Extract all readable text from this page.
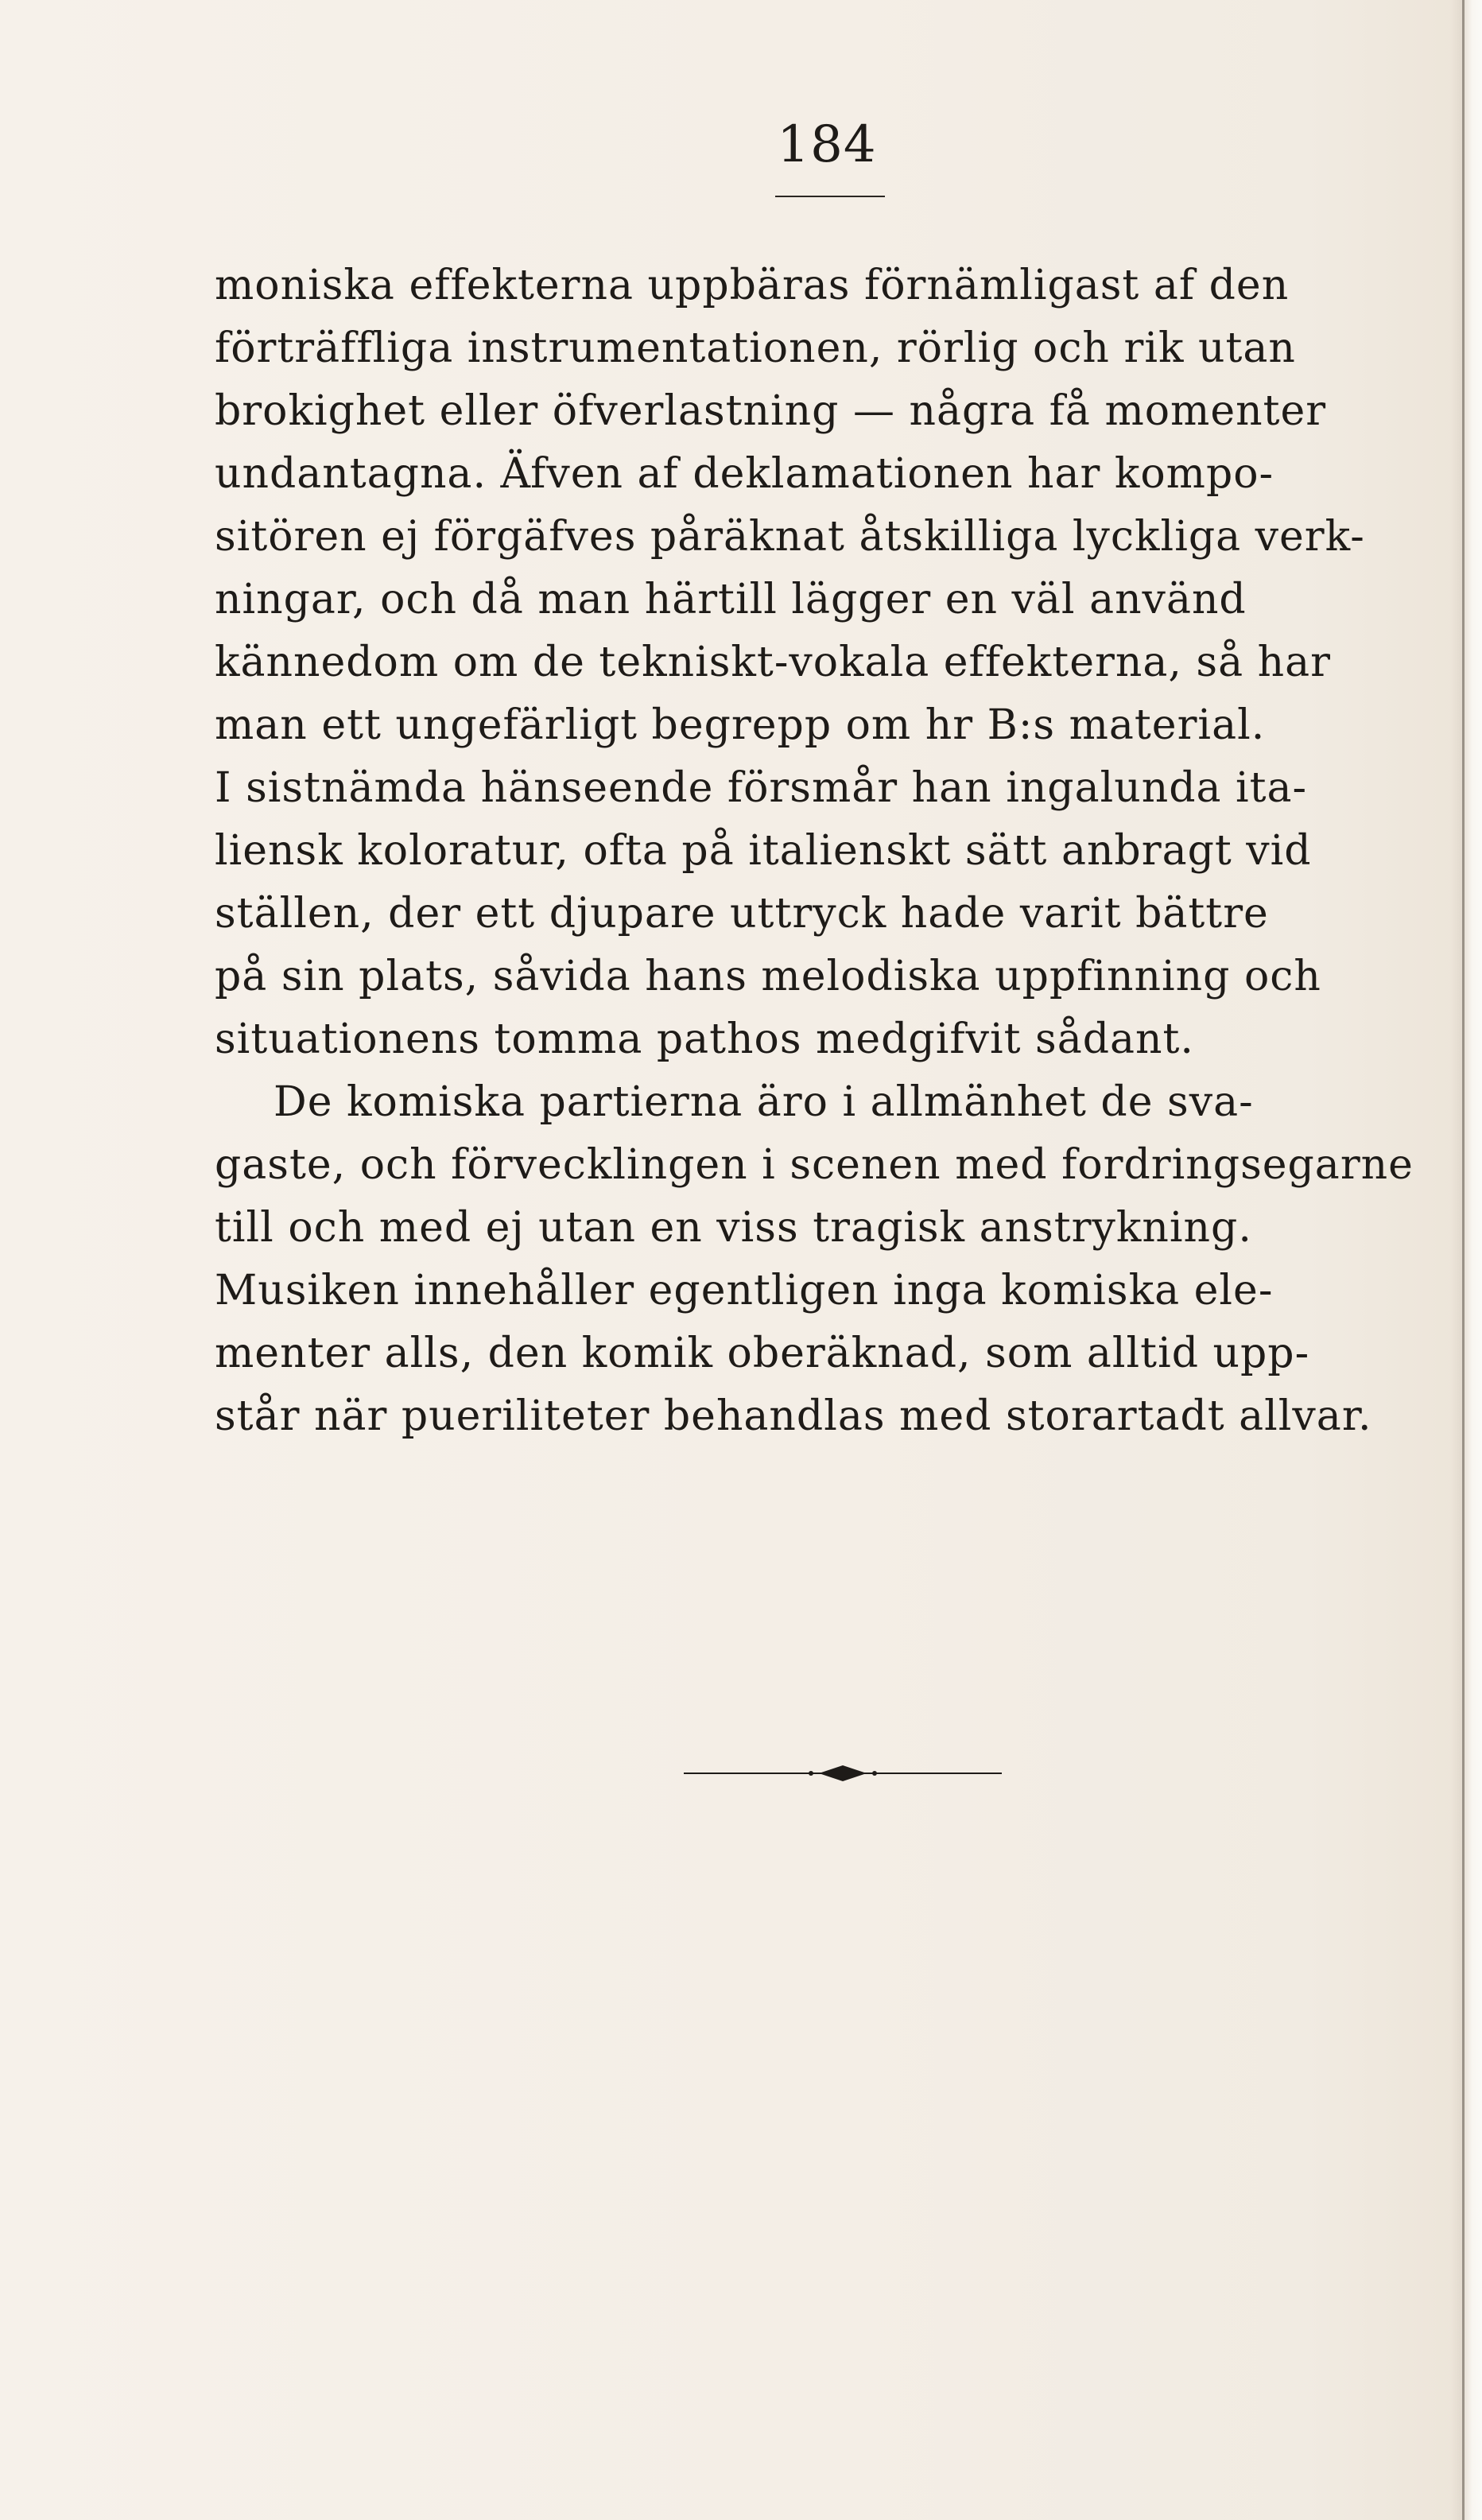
184
moniska effekterna uppbäras förnämligast af den
förträffliga instrumentationen, rörlig och rik utan
brokighet eller öfverlastning — några få momenter
undantagna. Äfven af deklamationen har kompo-
sitören ej förgäfves påräknat åtskilliga lyckliga verk-
ningar, och då man härtill lägger en väl använd
kännedom om de tekniskt-vokala effekterna, så har
man ett ungefärligt begrepp om hr B:s material.
I sistnämda hänseende försmår han ingalunda ita-
liensk koloratur, ofta på italienskt sätt anbragt vid
ställen, der ett djupare uttryck hade varit bättre
på sin plats, såvida hans melodiska uppfinning och
situationens tomma pathos medgifvit sådant.
De komiska partierna äro i allmänhet de sva-
gaste, och förvecklingen i scenen med fordringsegarne
till och med ej utan en viss tragisk anstrykning.
Musiken innehåller egentligen inga komiska ele-
menter alls, den komik oberäknad, som alltid upp-
står när pueriliteter behandlas med storartadt allvar.
